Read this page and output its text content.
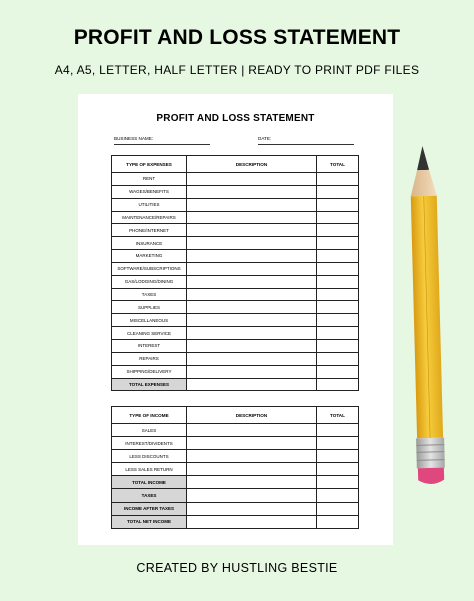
PROFIT AND LOSS STATEMENT
A4, A5, LETTER, HALF LETTER | READY TO PRINT PDF FILES
PROFIT AND LOSS STATEMENT
BUSINESS NAME:	DATE:
TYPE OF EXPENSES	DESCRIPTION	TOTAL
RENT		
WAGES/BENEFITS		
UTILITIES		
MAINTENANCE/REPAIRS		
PHONE/INTERNET		
INSURANCE		
MARKETING		
SOFTWARE/SUBSCRIPTIONS		
GAS/LODGING/DINING		
TAXES		
SUPPLIES		
MISCELLANEOUS		
CLEANING SERVICE		
INTEREST		
REPAIRS		
SHIPPING/DELIVERY		
TOTAL EXPENSES		
TYPE OF INCOME	DESCRIPTION	TOTAL
SALES		
INTEREST/DIVIDENTS		
LESS DISCOUNTS		
LESS SALES RETURN		
TOTAL INCOME		
TAXES		
INCOME AFTER TAXES		
TOTAL NET INCOME		
CREATED BY HUSTLING BESTIE
